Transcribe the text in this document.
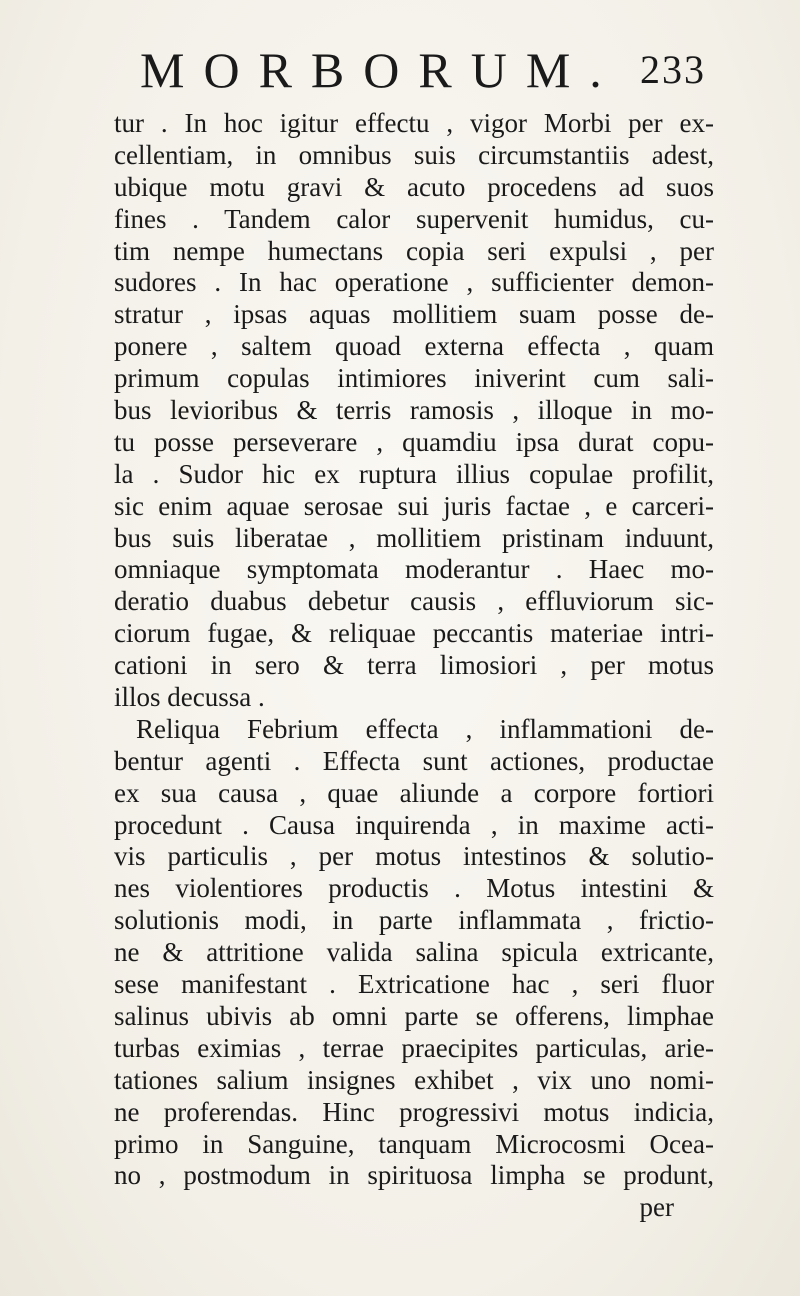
MORBORUM. 233
tur . In hoc igitur effectu , vigor Morbi per ex-
cellentiam, in omnibus suis circumstantiis adest,
ubique motu gravi & acuto procedens ad suos
fines . Tandem calor supervenit humidus, cu-
tim nempe humectans copia seri expulsi , per
sudores . In hac operatione , sufficienter demon-
stratur , ipsas aquas mollitiem suam posse de-
ponere , saltem quoad externa effecta , quam
primum copulas intimiores iniverint cum sali-
bus levioribus & terris ramosis , illoque in mo-
tu posse perseverare , quamdiu ipsa durat copu-
la . Sudor hic ex ruptura illius copulae profilit,
sic enim aquae serosae sui juris factae , e carceri-
bus suis liberatae , mollitiem pristinam induunt,
omniaque symptomata moderantur . Haec mo-
deratio duabus debetur causis , effluviorum sic-
ciorum fugae, & reliquae peccantis materiae intri-
cationi in sero & terra limosiori , per motus
illos decussa .
Reliqua Febrium effecta , inflammationi de-
bentur agenti . Effecta sunt actiones, productae
ex sua causa , quae aliunde a corpore fortiori
procedunt . Causa inquirenda , in maxime acti-
vis particulis , per motus intestinos & solutio-
nes violentiores productis . Motus intestini &
solutionis modi, in parte inflammata , frictio-
ne & attritione valida salina spicula extricante,
sese manifestant . Extricatione hac , seri fluor
salinus ubivis ab omni parte se offerens, limphae
turbas eximias , terrae praecipites particulas, arie-
tationes salium insignes exhibet , vix uno nomi-
ne proferendas. Hinc progressivi motus indicia,
primo in Sanguine, tanquam Microcosmi Ocea-
no , postmodum in spirituosa limpha se produnt,
per
